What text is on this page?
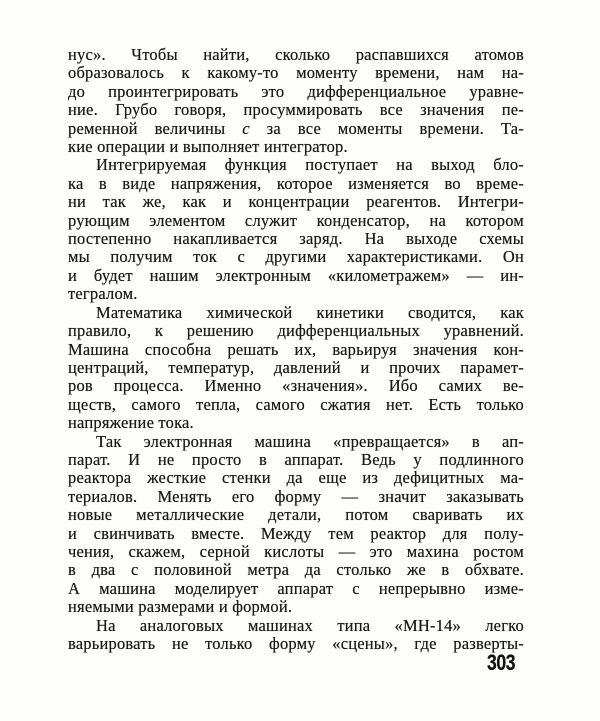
нус». Чтобы найти, сколько распавшихся атомов
образовалось к какому-то моменту времени, нам на-
до проинтегрировать это дифференциальное уравне-
ние. Грубо говоря, просуммировать все значения пе-
ременной величины с за все моменты времени. Та-
кие операции и выполняет интегратор.
Интегрируемая функция поступает на выход бло-
ка в виде напряжения, которое изменяется во време-
ни так же, как и концентрации реагентов. Интегри-
рующим элементом служит конденсатор, на котором
постепенно накапливается заряд. На выходе схемы
мы получим ток с другими характеристиками. Он
и будет нашим электронным «километражем» — ин-
тегралом.
Математика химической кинетики сводится, как
правило, к решению дифференциальных уравнений.
Машина способна решать их, варьируя значения кон-
центраций, температур, давлений и прочих парамет-
ров процесса. Именно «значения». Ибо самих ве-
ществ, самого тепла, самого сжатия нет. Есть только
напряжение тока.
Так электронная машина «превращается» в ап-
парат. И не просто в аппарат. Ведь у подлинного
реактора жесткие стенки да еще из дефицитных ма-
териалов. Менять его форму — значит заказывать
новые металлические детали, потом сваривать их
и свинчивать вместе. Между тем реактор для полу-
чения, скажем, серной кислоты — это махина ростом
в два с половиной метра да столько же в обхвате.
А машина моделирует аппарат с непрерывно изме-
няемыми размерами и формой.
На аналоговых машинах типа «МН-14» легко
варьировать не только форму «сцены», где разверты-
303
